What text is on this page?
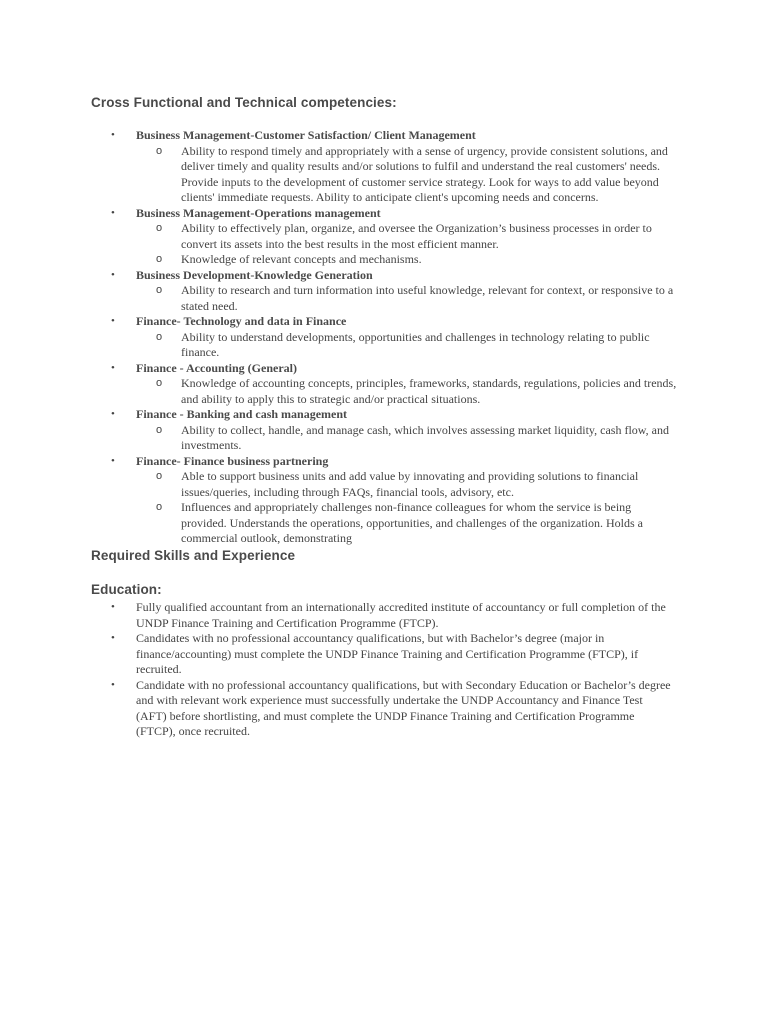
Cross Functional and Technical competencies:
• Business Management-Customer Satisfaction/ Client Management
o Ability to respond timely and appropriately with a sense of urgency, provide consistent solutions, and deliver timely and quality results and/or solutions to fulfil and understand the real customers' needs. Provide inputs to the development of customer service strategy. Look for ways to add value beyond clients' immediate requests. Ability to anticipate client's upcoming needs and concerns.
• Business Management-Operations management
o Ability to effectively plan, organize, and oversee the Organization’s business processes in order to convert its assets into the best results in the most efficient manner.
o Knowledge of relevant concepts and mechanisms.
• Business Development-Knowledge Generation
o Ability to research and turn information into useful knowledge, relevant for context, or responsive to a stated need.
• Finance- Technology and data in Finance
o Ability to understand developments, opportunities and challenges in technology relating to public finance.
• Finance - Accounting (General)
o Knowledge of accounting concepts, principles, frameworks, standards, regulations, policies and trends, and ability to apply this to strategic and/or practical situations.
• Finance - Banking and cash management
o Ability to collect, handle, and manage cash, which involves assessing market liquidity, cash flow, and investments.
• Finance- Finance business partnering
o Able to support business units and add value by innovating and providing solutions to financial issues/queries, including through FAQs, financial tools, advisory, etc.
o Influences and appropriately challenges non-finance colleagues for whom the service is being provided. Understands the operations, opportunities, and challenges of the organization. Holds a commercial outlook, demonstrating
Required Skills and Experience
Education:
• Fully qualified accountant from an internationally accredited institute of accountancy or full completion of the UNDP Finance Training and Certification Programme (FTCP).
• Candidates with no professional accountancy qualifications, but with Bachelor’s degree (major in finance/accounting) must complete the UNDP Finance Training and Certification Programme (FTCP), if recruited.
• Candidate with no professional accountancy qualifications, but with Secondary Education or Bachelor’s degree and with relevant work experience must successfully undertake the UNDP Accountancy and Finance Test (AFT) before shortlisting, and must complete the UNDP Finance Training and Certification Programme (FTCP), once recruited.
